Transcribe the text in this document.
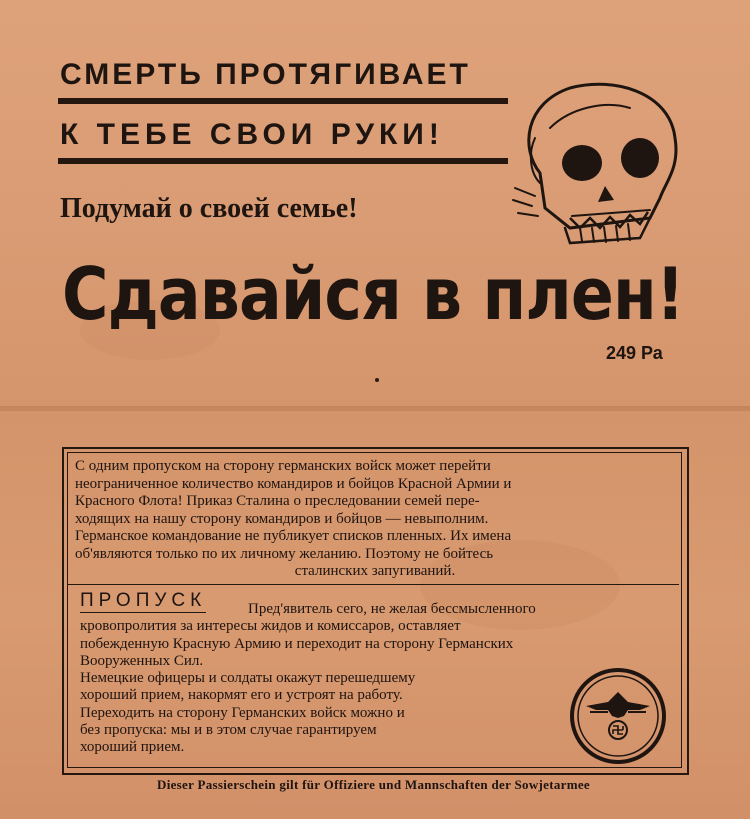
СМЕРТЬ ПРОТЯГИВАЕТ
К ТЕБЕ СВОИ РУКИ!
Подумай о своей семье!
Сдавайся в плен!
249 Ра
С одним пропуском на сторону германских войск может перейти
неограниченное количество командиров и бойцов Красной Армии и
Красного Флота! Приказ Сталина о преследовании семей пере-
ходящих на нашу сторону командиров и бойцов — невыполним.
Германское командование не публикует списков пленных. Их имена
об'являются только по их личному желанию. Поэтому не бойтесь
сталинских запугиваний.
ПРОПУСК	Пред'явитель сего, не желая бессмысленного
кровопролития за интересы жидов и комиссаров, оставляет
побежденную Красную Армию и переходит на сторону Германских
Вооруженных Сил.
Немецкие офицеры и солдаты окажут перешедшему
хороший прием, накормят его и устроят на работу.
Переходить на сторону Германских войск можно и
без пропуска: мы и в этом случае гарантируем
хороший прием.
Dieser Passierschein gilt für Offiziere und Mannschaften der Sowjetarmee
